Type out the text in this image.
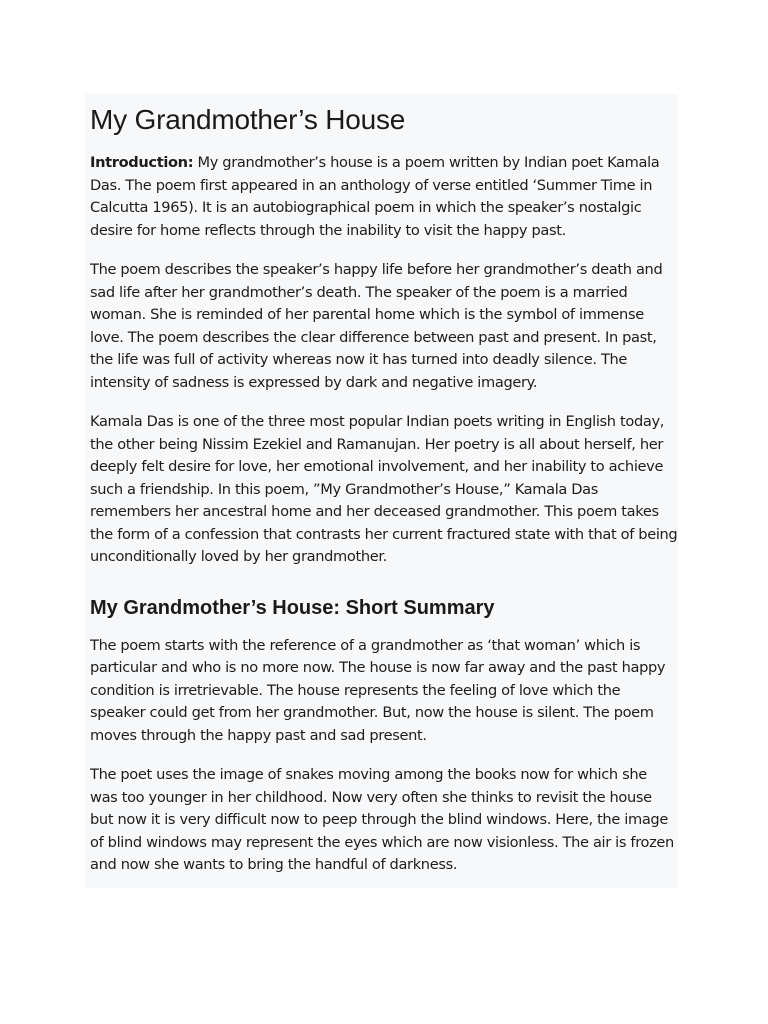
My Grandmother’s House

Introduction: My grandmother’s house is a poem written by Indian poet Kamala Das. The poem first appeared in an anthology of verse entitled ‘Summer Time in Calcutta 1965). It is an autobiographical poem in which the speaker’s nostalgic desire for home reflects through the inability to visit the happy past.

The poem describes the speaker’s happy life before her grandmother’s death and sad life after her grandmother’s death. The speaker of the poem is a married woman. She is reminded of her parental home which is the symbol of immense love. The poem describes the clear difference between past and present. In past, the life was full of activity whereas now it has turned into deadly silence. The intensity of sadness is expressed by dark and negative imagery.

Kamala Das is one of the three most popular Indian poets writing in English today, the other being Nissim Ezekiel and Ramanujan. Her poetry is all about herself, her deeply felt desire for love, her emotional involvement, and her inability to achieve such a friendship. In this poem, ”My Grandmother’s House,” Kamala Das remembers her ancestral home and her deceased grandmother. This poem takes the form of a confession that contrasts her current fractured state with that of being unconditionally loved by her grandmother.

My Grandmother’s House: Short Summary

The poem starts with the reference of a grandmother as ‘that woman’ which is particular and who is no more now. The house is now far away and the past happy condition is irretrievable. The house represents the feeling of love which the speaker could get from her grandmother. But, now the house is silent. The poem moves through the happy past and sad present.

The poet uses the image of snakes moving among the books now for which she was too younger in her childhood. Now very often she thinks to revisit the house but now it is very difficult now to peep through the blind windows. Here, the image of blind windows may represent the eyes which are now visionless. The air is frozen and now she wants to bring the handful of darkness.
